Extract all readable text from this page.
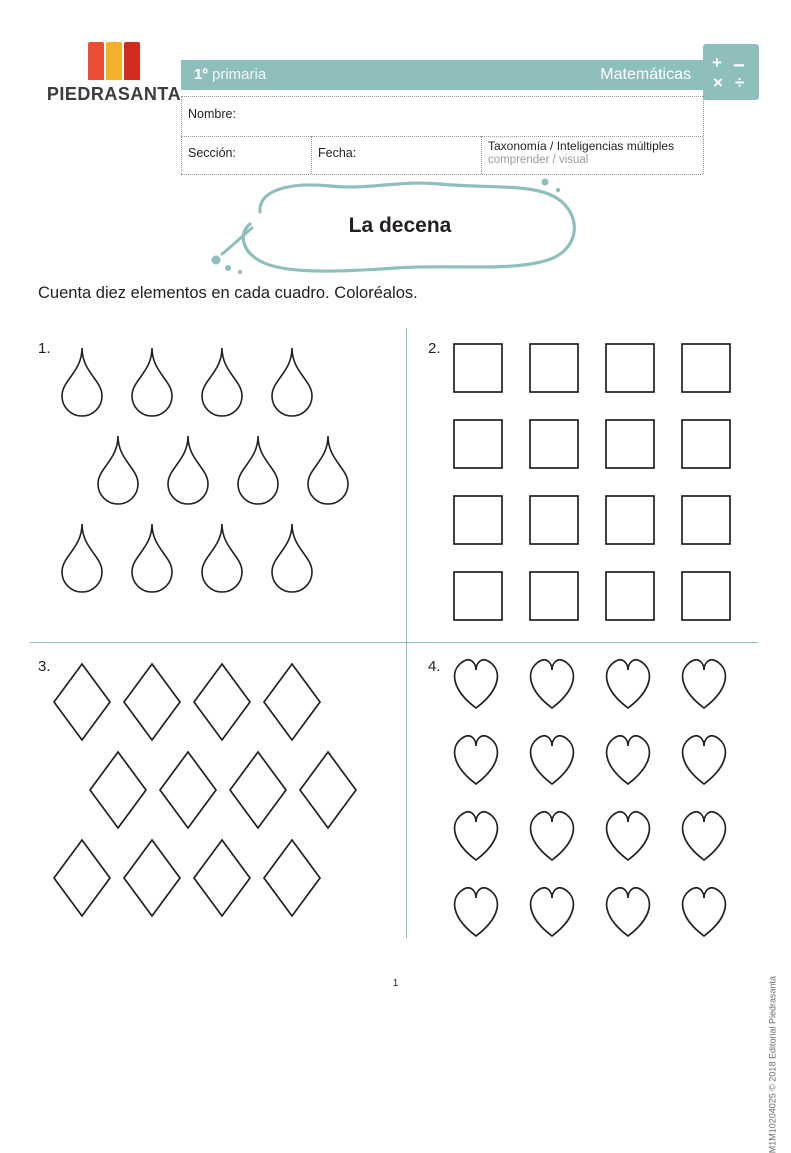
PIEDRASANTA
1º primaria	Matemáticas
+ −
× ÷
Nombre:
Sección:	Fecha:	Taxonomía / Inteligencias múltiples
comprender / visual
La decena
Cuenta diez elementos en cada cuadro. Coloréalos.
1.	2.
3.	4.
1	M1M10204025 © 2018 Editorial Piedrasanta
